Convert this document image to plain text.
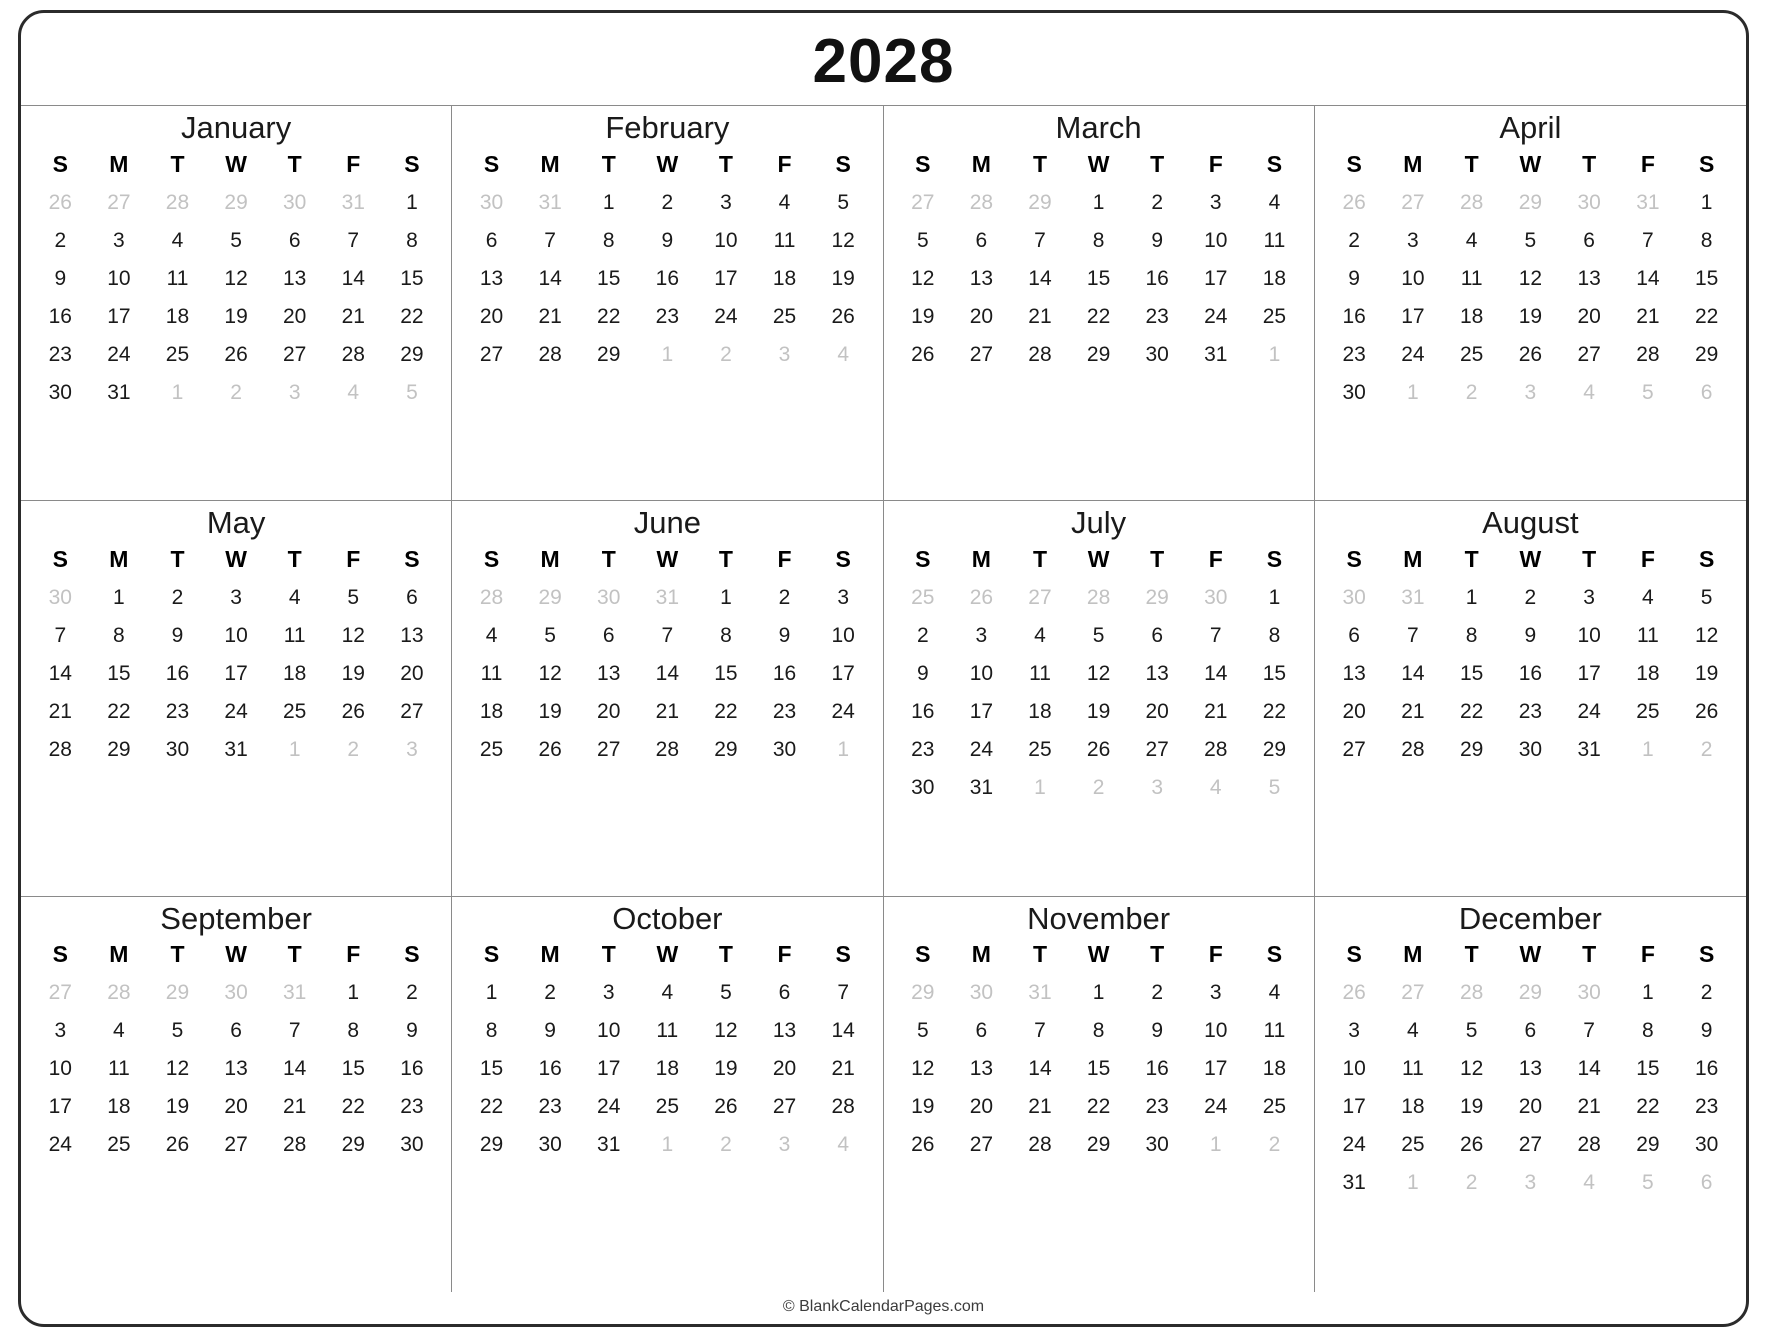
2028
January
S	M	T	W	T	F	S
26	27	28	29	30	31	1
2	3	4	5	6	7	8
9	10	11	12	13	14	15
16	17	18	19	20	21	22
23	24	25	26	27	28	29
30	31	1	2	3	4	5
February
S	M	T	W	T	F	S
30	31	1	2	3	4	5
6	7	8	9	10	11	12
13	14	15	16	17	18	19
20	21	22	23	24	25	26
27	28	29	1	2	3	4

March
S	M	T	W	T	F	S
27	28	29	1	2	3	4
5	6	7	8	9	10	11
12	13	14	15	16	17	18
19	20	21	22	23	24	25
26	27	28	29	30	31	1

April
S	M	T	W	T	F	S
26	27	28	29	30	31	1
2	3	4	5	6	7	8
9	10	11	12	13	14	15
16	17	18	19	20	21	22
23	24	25	26	27	28	29
30	1	2	3	4	5	6
May
S	M	T	W	T	F	S
30	1	2	3	4	5	6
7	8	9	10	11	12	13
14	15	16	17	18	19	20
21	22	23	24	25	26	27
28	29	30	31	1	2	3

June
S	M	T	W	T	F	S
28	29	30	31	1	2	3
4	5	6	7	8	9	10
11	12	13	14	15	16	17
18	19	20	21	22	23	24
25	26	27	28	29	30	1

July
S	M	T	W	T	F	S
25	26	27	28	29	30	1
2	3	4	5	6	7	8
9	10	11	12	13	14	15
16	17	18	19	20	21	22
23	24	25	26	27	28	29
30	31	1	2	3	4	5
August
S	M	T	W	T	F	S
30	31	1	2	3	4	5
6	7	8	9	10	11	12
13	14	15	16	17	18	19
20	21	22	23	24	25	26
27	28	29	30	31	1	2

September
S	M	T	W	T	F	S
27	28	29	30	31	1	2
3	4	5	6	7	8	9
10	11	12	13	14	15	16
17	18	19	20	21	22	23
24	25	26	27	28	29	30

October
S	M	T	W	T	F	S
1	2	3	4	5	6	7
8	9	10	11	12	13	14
15	16	17	18	19	20	21
22	23	24	25	26	27	28
29	30	31	1	2	3	4

November
S	M	T	W	T	F	S
29	30	31	1	2	3	4
5	6	7	8	9	10	11
12	13	14	15	16	17	18
19	20	21	22	23	24	25
26	27	28	29	30	1	2

December
S	M	T	W	T	F	S
26	27	28	29	30	1	2
3	4	5	6	7	8	9
10	11	12	13	14	15	16
17	18	19	20	21	22	23
24	25	26	27	28	29	30
31	1	2	3	4	5	6
© BlankCalendarPages.com
